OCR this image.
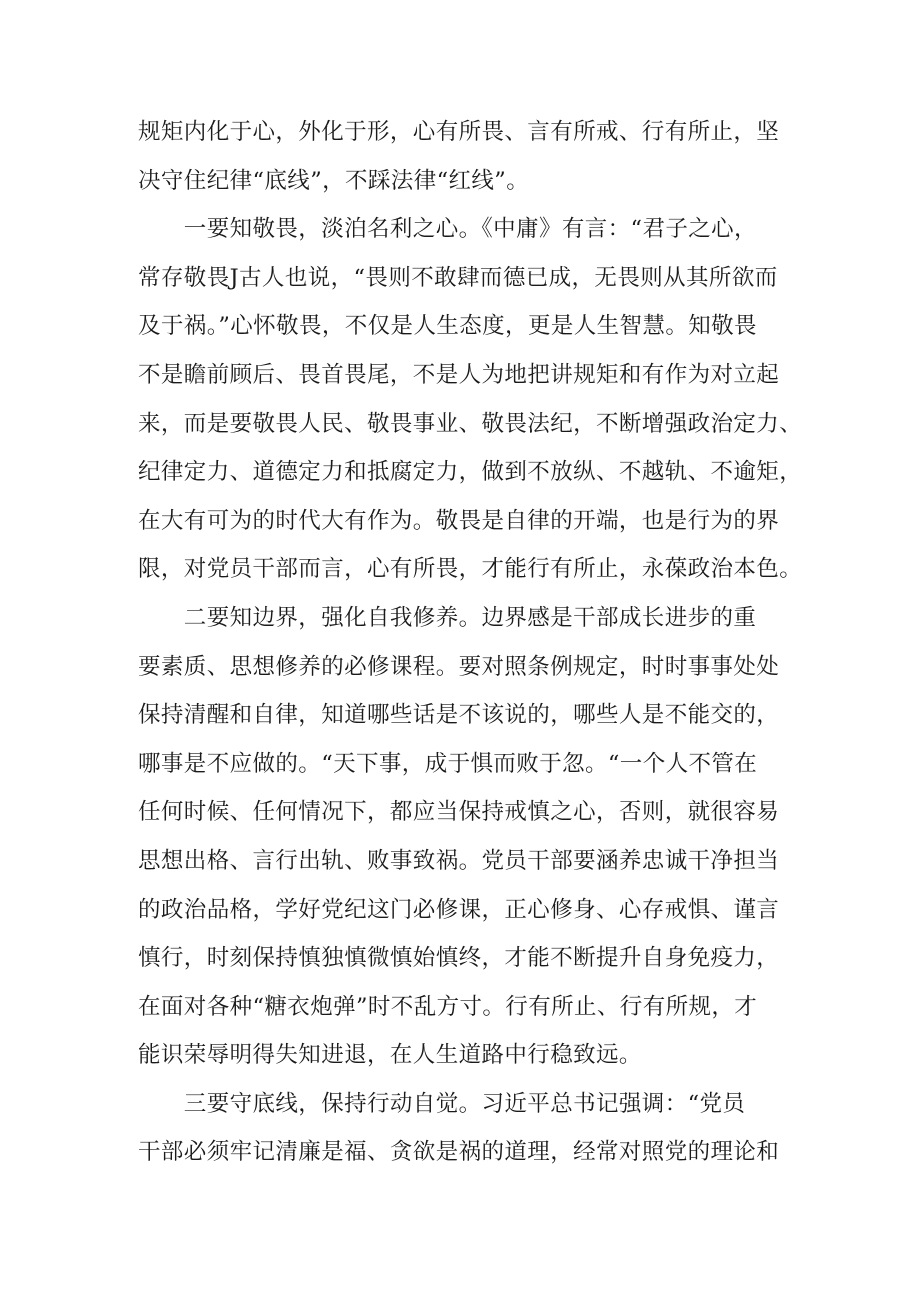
规矩内化于心，外化于形，心有所畏、言有所戒、行有所止，坚
决守住纪律“底线”，不踩法律“红线”。
　　一要知敬畏，淡泊名利之心。《中庸》有言：“君子之心，
常存敬畏J古人也说，“畏则不敢肆而德已成，无畏则从其所欲而
及于祸。”心怀敬畏，不仅是人生态度，更是人生智慧。知敬畏
不是瞻前顾后、畏首畏尾，不是人为地把讲规矩和有作为对立起
来，而是要敬畏人民、敬畏事业、敬畏法纪，不断增强政治定力、
纪律定力、道德定力和抵腐定力，做到不放纵、不越轨、不逾矩，
在大有可为的时代大有作为。敬畏是自律的开端，也是行为的界
限，对党员干部而言，心有所畏，才能行有所止，永葆政治本色。
　　二要知边界，强化自我修养。边界感是干部成长进步的重
要素质、思想修养的必修课程。要对照条例规定，时时事事处处
保持清醒和自律，知道哪些话是不该说的，哪些人是不能交的，
哪事是不应做的。“天下事，成于惧而败于忽。“一个人不管在
任何时候、任何情况下，都应当保持戒慎之心，否则，就很容易
思想出格、言行出轨、败事致祸。党员干部要涵养忠诚干净担当
的政治品格，学好党纪这门必修课，正心修身、心存戒惧、谨言
慎行，时刻保持慎独慎微慎始慎终，才能不断提升自身免疫力，
在面对各种“糖衣炮弹”时不乱方寸。行有所止、行有所规，才
能识荣辱明得失知进退，在人生道路中行稳致远。
　　三要守底线，保持行动自觉。习近平总书记强调：“党员
干部必须牢记清廉是福、贪欲是祸的道理，经常对照党的理论和
